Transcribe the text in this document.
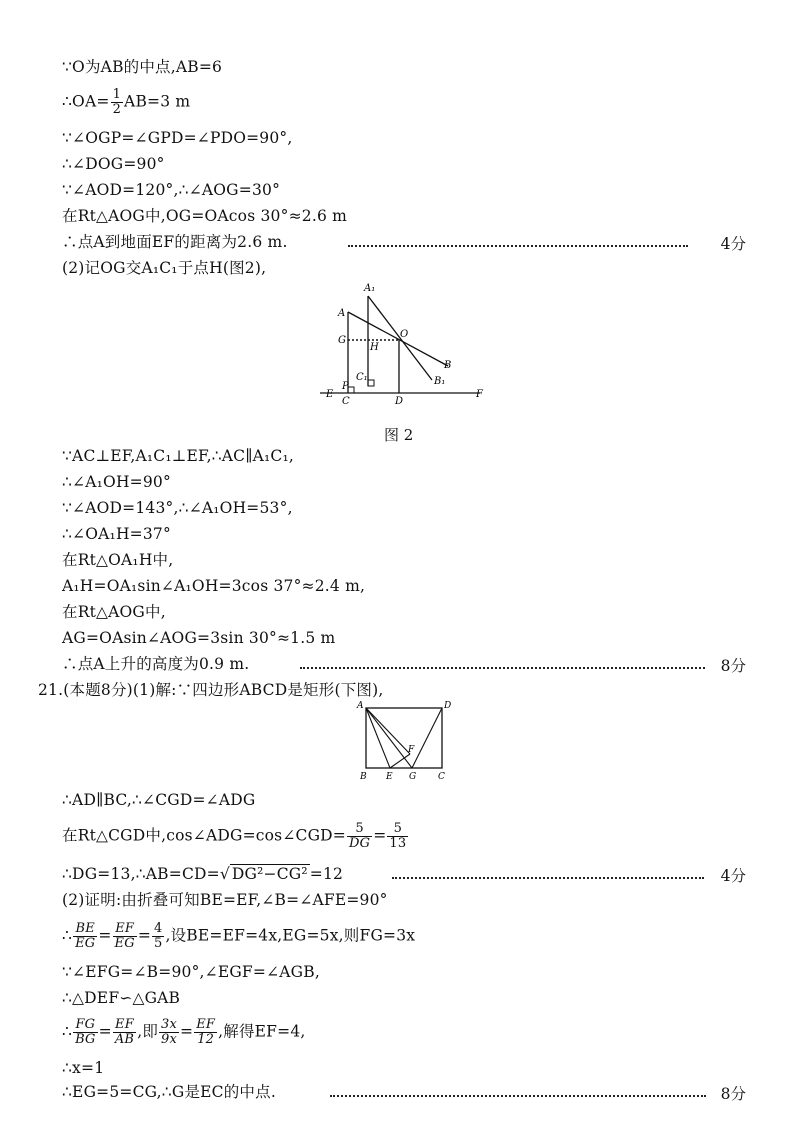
∵O为AB的中点,AB=6
∴OA= $\frac{1}{2} AB=3$ m
∵∠OGP=∠GPD=∠PDO=90°,
∴∠DOG=90°
∵∠AOD=120°,∴∠AOG=30°
在Rt△AOG中,OG=OAcos 30°≈2.6 m
∴点A到地面EF的距离为2.6 m.	4分
(2)记OG交A₁C₁于点H(图2),
A₁
A
O
G
H
B
B₁
C₁
P
E
C	D
F
图 2
∵AC⊥EF,A₁C₁⊥EF,∴AC∥A₁C₁,
∴∠A₁OH=90°
∵∠AOD=143°,∴∠A₁OH=53°,
∴∠OA₁H=37°
在Rt△OA₁H中,
A₁H=OA₁sin∠A₁OH=3cos 37°≈2.4 m,
在Rt△AOG中,
AG=OAsin∠AOG=3sin 30°≈1.5 m
∴点A上升的高度为0.9 m.	8分
21.(本题8分)(1)解:∵四边形ABCD是矩形(下图),
A	D
F
B E G C
∴AD∥BC,∴∠CGD=∠ADG
在Rt△CGD中,cos∠ADG=cos∠CGD= $\frac{5}{DG} = \frac{5}{13}$
∴DG=13,∴AB=CD=√ DG²−CG² =12	4分
(2)证明:由折叠可知BE=EF,∠B=∠AFE=90°
∴ $\frac{BE}{EG} = \frac{EF}{EG} = \frac{4}{5}$ ,设BE=EF=4x,EG=5x,则FG=3x
∵∠EFG=∠B=90°,∠EGF=∠AGB,
∴△DEF∽△GAB
∴ $\frac{FG}{BG} = \frac{EF}{AB}$ ,即 $\frac{3x}{9x} = \frac{EF}{12}$ ,解得EF=4,
∴x=1
∴EG=5=CG,∴G是EC的中点.	8分
